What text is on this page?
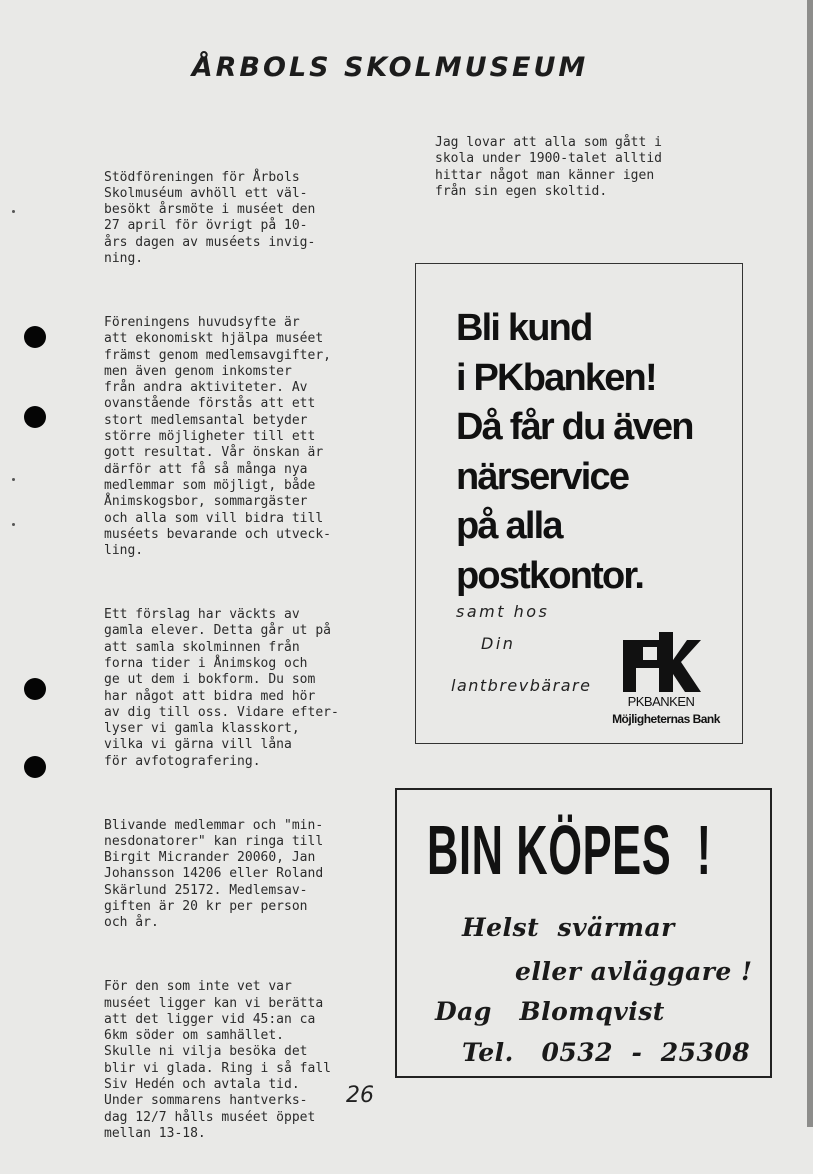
ÅRBOLS SKOLMUSEUM

Stödföreningen för Årbols
Skolmuséum avhöll ett väl-
besökt årsmöte i muséet den
27 april för övrigt på 10-
års dagen av muséets invig-
ning.

Föreningens huvudsyfte är
att ekonomiskt hjälpa muséet
främst genom medlemsavgifter,
men även genom inkomster
från andra aktiviteter. Av
ovanstående förstås att ett
stort medlemsantal betyder
större möjligheter till ett
gott resultat. Vår önskan är
därför att få så många nya
medlemmar som möjligt, både
Ånimskogsbor, sommargäster
och alla som vill bidra till
muséets bevarande och utveck-
ling.

Ett förslag har väckts av
gamla elever. Detta går ut på
att samla skolminnen från
forna tider i Ånimskog och
ge ut dem i bokform. Du som
har något att bidra med hör
av dig till oss. Vidare efter-
lyser vi gamla klasskort,
vilka vi gärna vill låna
för avfotografering.

Blivande medlemmar och "min-
nesdonatorer" kan ringa till
Birgit Micrander 20060, Jan
Johansson 14206 eller Roland
Skärlund 25172. Medlemsav-
giften är 20 kr per person
och år.

För den som inte vet var
muséet ligger kan vi berätta
att det ligger vid 45:an ca
6km söder om samhället.
Skulle ni vilja besöka det
blir vi glada. Ring i så fall
Siv Hedén och avtala tid.
Under sommarens hantverks-
dag 12/7 hålls muséet öppet
mellan 13-18.

Jag lovar att alla som gått i
skola under 1900-talet alltid
hittar något man känner igen
från sin egen skoltid.
Bli kund
i PKbanken!
Då får du även
närservice
på alla
postkontor.
samt hos
Din
lantbrevbärare
PKBANKEN
Möjligheternas Bank
BIN KÖPES  !
Helst  svärmar
eller avläggare !
Dag   Blomqvist
Tel.   0532  -  25308
26
